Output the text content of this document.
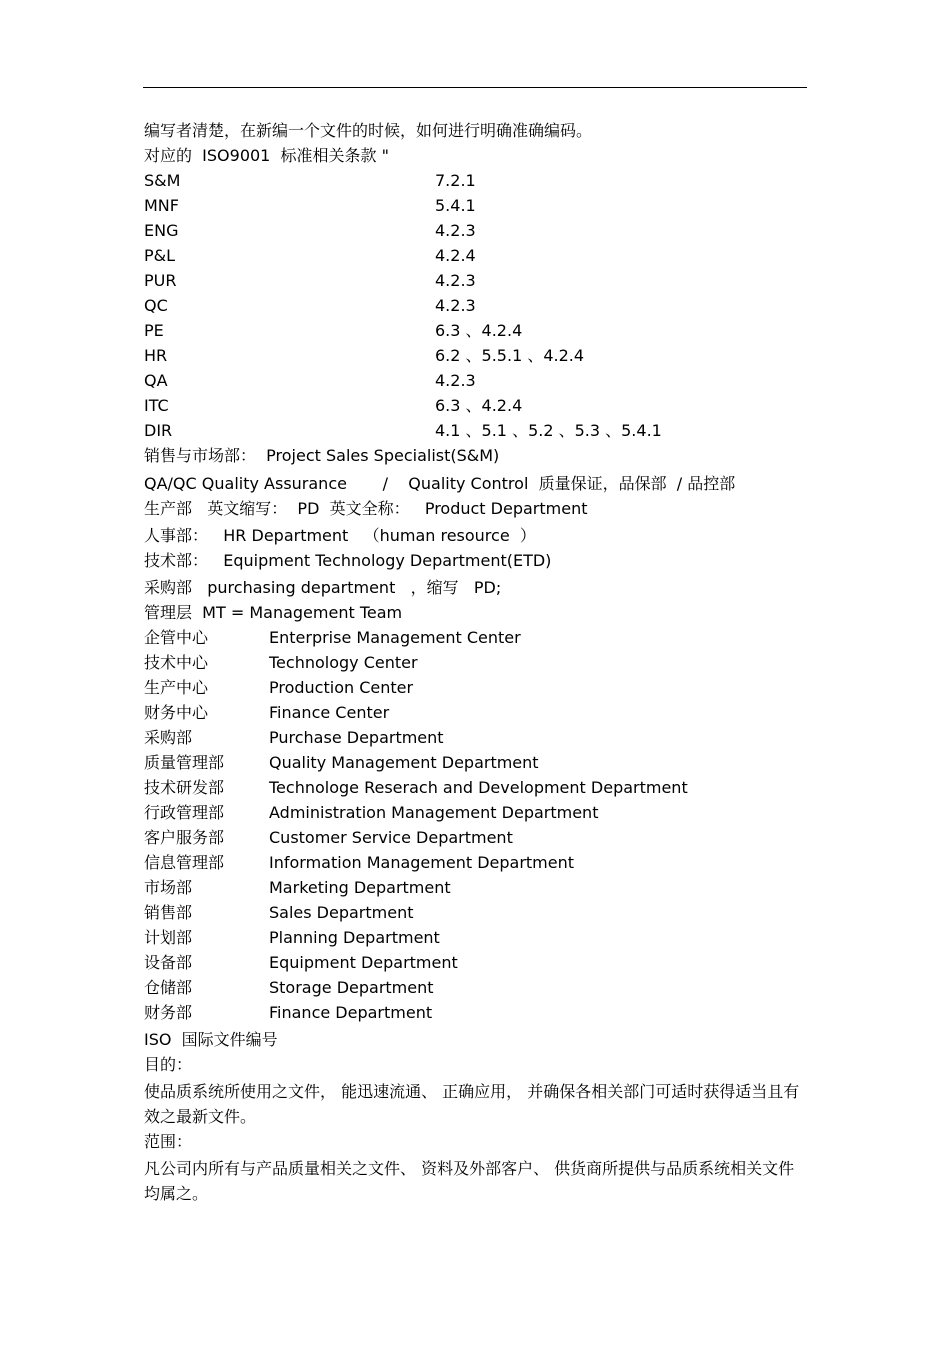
编写者清楚，在新编一个文件的时候，如何进行明确准确编码。
对应的  ISO9001  标准相关条款 "
S&M	7.2.1
MNF	5.4.1
ENG	4.2.3
P&L	4.2.4
PUR	4.2.3
QC	4.2.3
PE	6.3 、4.2.4
HR	6.2 、5.5.1 、4.2.4
QA	4.2.3
ITC	6.3 、4.2.4
DIR	4.1 、5.1 、5.2 、5.3 、5.4.1
销售与市场部：  Project Sales Specialist(S&M)
QA/QC Quality Assurance       /    Quality Control  质量保证，品保部  / 品控部
生产部   英文缩写：  PD  英文全称：   Product Department
人事部：   HR Department   （human resource  ）
技术部：   Equipment Technology Department(ETD)
采购部   purchasing department   ，缩写   PD;
管理层  MT = Management Team
企管中心	Enterprise Management Center
技术中心	Technology Center
生产中心	Production Center
财务中心	Finance Center
采购部	Purchase Department
质量管理部	Quality Management Department
技术研发部	Technologe Reserach and Development Department
行政管理部	Administration Management Department
客户服务部	Customer Service Department
信息管理部	Information Management Department
市场部	Marketing Department
销售部	Sales Department
计划部	Planning Department
设备部	Equipment Department
仓储部	Storage Department
财务部	Finance Department
ISO  国际文件编号
目的：
使品质系统所使用之文件， 能迅速流通、 正确应用， 并确保各相关部门可适时获得适当且有效之最新文件。
范围：
凡公司内所有与产品质量相关之文件、 资料及外部客户、 供货商所提供与品质系统相关文件均属之。
